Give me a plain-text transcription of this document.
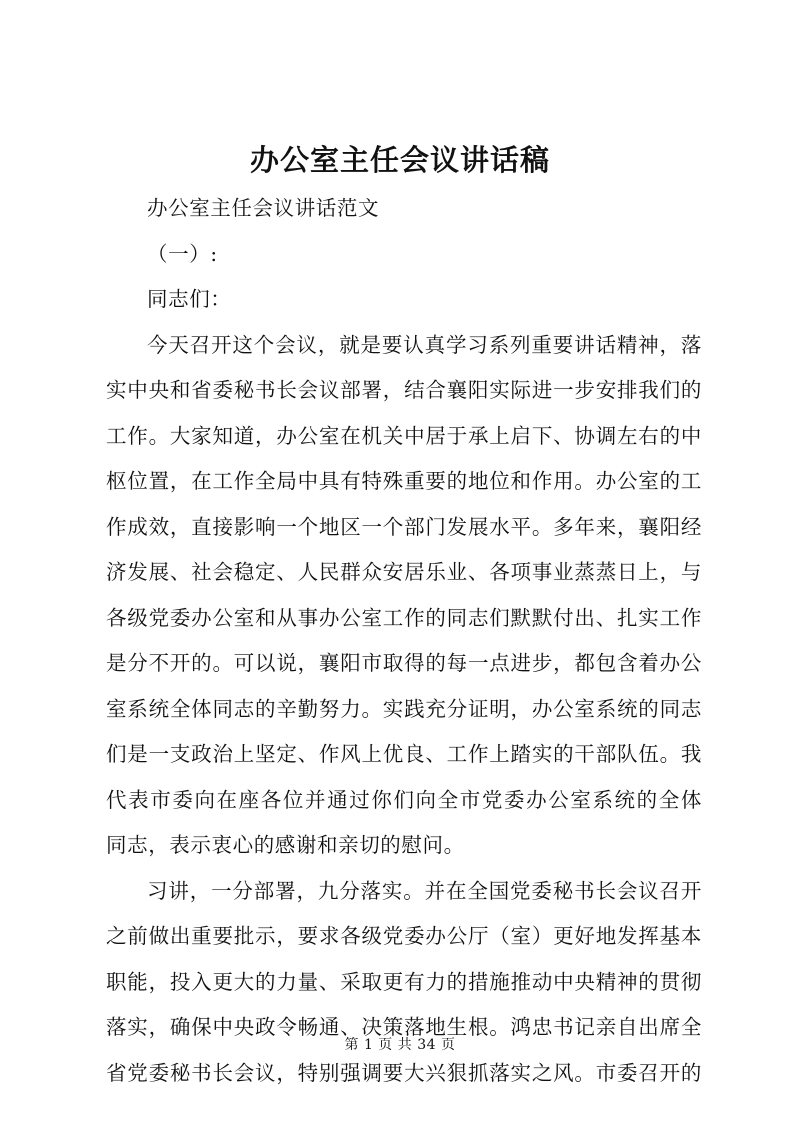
办公室主任会议讲话稿
办公室主任会议讲话范文
（一）:
同志们：
今天召开这个会议，就是要认真学习系列重要讲话精神，落
实中央和省委秘书长会议部署，结合襄阳实际进一步安排我们的
工作。大家知道，办公室在机关中居于承上启下、协调左右的中
枢位置，在工作全局中具有特殊重要的地位和作用。办公室的工
作成效，直接影响一个地区一个部门发展水平。多年来，襄阳经
济发展、社会稳定、人民群众安居乐业、各项事业蒸蒸日上，与
各级党委办公室和从事办公室工作的同志们默默付出、扎实工作
是分不开的。可以说，襄阳市取得的每一点进步，都包含着办公
室系统全体同志的辛勤努力。实践充分证明，办公室系统的同志
们是一支政治上坚定、作风上优良、工作上踏实的干部队伍。我
代表市委向在座各位并通过你们向全市党委办公室系统的全体
同志，表示衷心的感谢和亲切的慰问。
习讲，一分部署，九分落实。并在全国党委秘书长会议召开
之前做出重要批示，要求各级党委办公厅（室）更好地发挥基本
职能，投入更大的力量、采取更有力的措施推动中央精神的贯彻
落实，确保中央政令畅通、决策落地生根。鸿忠书记亲自出席全
省党委秘书长会议，特别强调要大兴狠抓落实之风。市委召开的
第 1 页 共 34 页
